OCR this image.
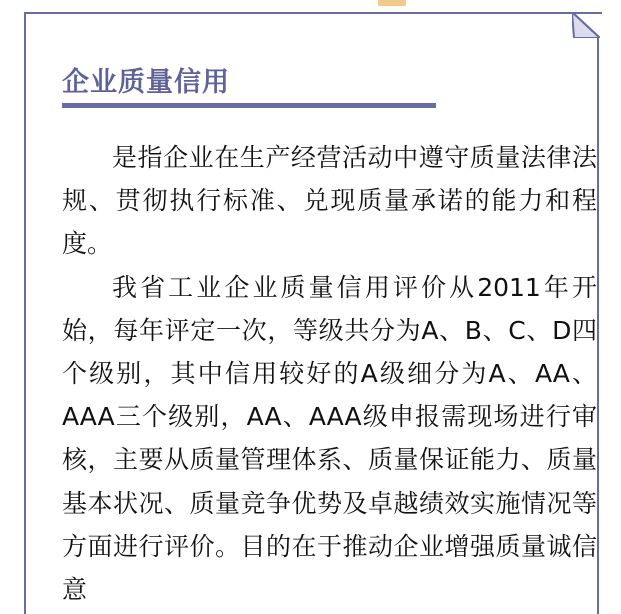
企业质量信用

是指企业在生产经营活动中遵守质量法律法规、贯彻执行标准、兑现质量承诺的能力和程度。

我省工业企业质量信用评价从2011年开始，每年评定一次，等级共分为A、B、C、D四个级别，其中信用较好的A级细分为A、AA、AAA三个级别，AA、AAA级申报需现场进行审核，主要从质量管理体系、质量保证能力、质量基本状况、质量竞争优势及卓越绩效实施情况等方面进行评价。目的在于推动企业增强质量诚信意
